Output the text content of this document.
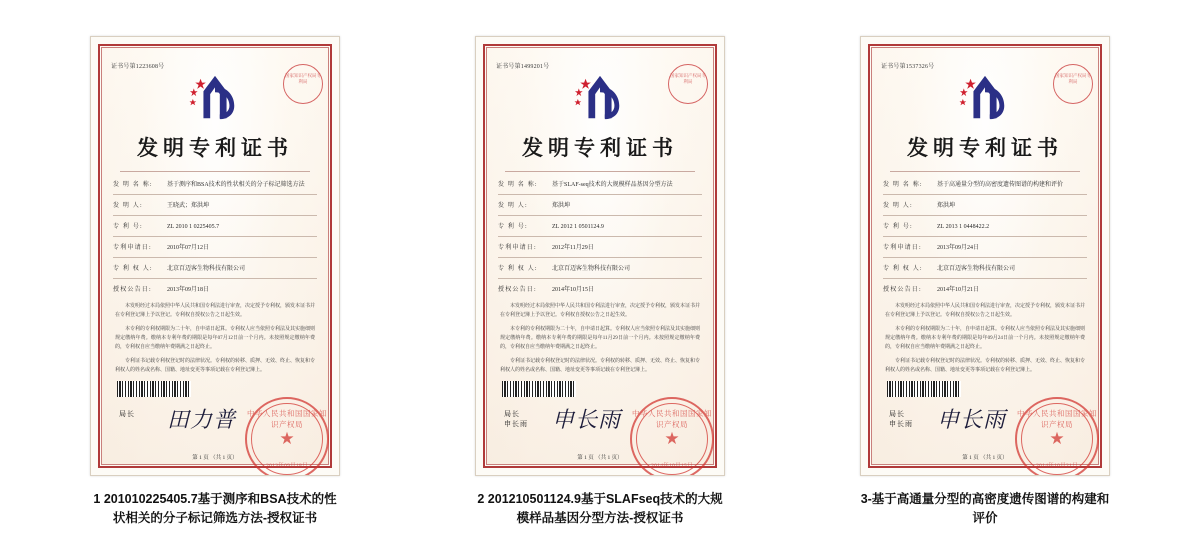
证书号第1223608号
国家知识产权局专利局
发明专利证书
发 明 名 称:	基于测序和BSA技术的性状相关的分子标记筛选方法
发 明 人:	王晓武；郑洪坤
专 利 号:	ZL 2010 1 0225405.7
专利申请日:	2010年07月12日
专 利 权 人:	北京百迈客生物科技有限公司
授权公告日:	2013年09月18日

本发明经过本局依照中华人民共和国专利法进行审查，决定授予专利权，颁发本证书并在专利登记簿上予以登记。专利权自授权公告之日起生效。

本专利的专利权期限为二十年，自申请日起算。专利权人应当依照专利法及其实施细则规定缴纳年费。缴纳本专利年费的期限是每年07月12日前一个月内。未按照规定缴纳年费的，专利权自应当缴纳年费期满之日起终止。

专利证书记载专利权登记时的法律状况。专利权的转移、质押、无效、终止、恢复和专利权人的姓名或名称、国籍、地址变更等事项记载在专利登记簿上。

局长 田力普 中华人民共和国国家知识产权局
★
2013年09月18日
第 1 页 （共 1 页）
1 201010225405.7基于测序和BSA技术的性状相关的分子标记筛选方法-授权证书
证书号第1499201号
国家知识产权局专利局
发明专利证书
发 明 名 称:	基于SLAF-seq技术的大规模样品基因分型方法
发 明 人:	郑洪坤
专 利 号:	ZL 2012 1 0501124.9
专利申请日:	2012年11月29日
专 利 权 人:	北京百迈客生物科技有限公司
授权公告日:	2014年10月15日

本发明经过本局依照中华人民共和国专利法进行审查，决定授予专利权，颁发本证书并在专利登记簿上予以登记。专利权自授权公告之日起生效。

本专利的专利权期限为二十年，自申请日起算。专利权人应当依照专利法及其实施细则规定缴纳年费。缴纳本专利年费的期限是每年11月29日前一个月内。未按照规定缴纳年费的，专利权自应当缴纳年费期满之日起终止。

专利证书记载专利权登记时的法律状况。专利权的转移、质押、无效、终止、恢复和专利权人的姓名或名称、国籍、地址变更等事项记载在专利登记簿上。

局长
申长雨 申长雨 中华人民共和国国家知识产权局
★
2014年10月15日
第 1 页 （共 1 页）
2 201210501124.9基于SLAFseq技术的大规模样品基因分型方法-授权证书
证书号第1537326号
国家知识产权局专利局
发明专利证书
发 明 名 称:	基于高通量分型的高密度遗传图谱的构建和评价
发 明 人:	郑洪坤
专 利 号:	ZL 2013 1 0448422.2
专利申请日:	2013年09月24日
专 利 权 人:	北京百迈客生物科技有限公司
授权公告日:	2014年10月21日

本发明经过本局依照中华人民共和国专利法进行审查，决定授予专利权，颁发本证书并在专利登记簿上予以登记。专利权自授权公告之日起生效。

本专利的专利权期限为二十年，自申请日起算。专利权人应当依照专利法及其实施细则规定缴纳年费。缴纳本专利年费的期限是每年09月24日前一个月内。未按照规定缴纳年费的，专利权自应当缴纳年费期满之日起终止。

专利证书记载专利权登记时的法律状况。专利权的转移、质押、无效、终止、恢复和专利权人的姓名或名称、国籍、地址变更等事项记载在专利登记簿上。

局长
申长雨 申长雨 中华人民共和国国家知识产权局
★
2014年10月21日
第 1 页 （共 1 页）
3-基于高通量分型的高密度遗传图谱的构建和评价
